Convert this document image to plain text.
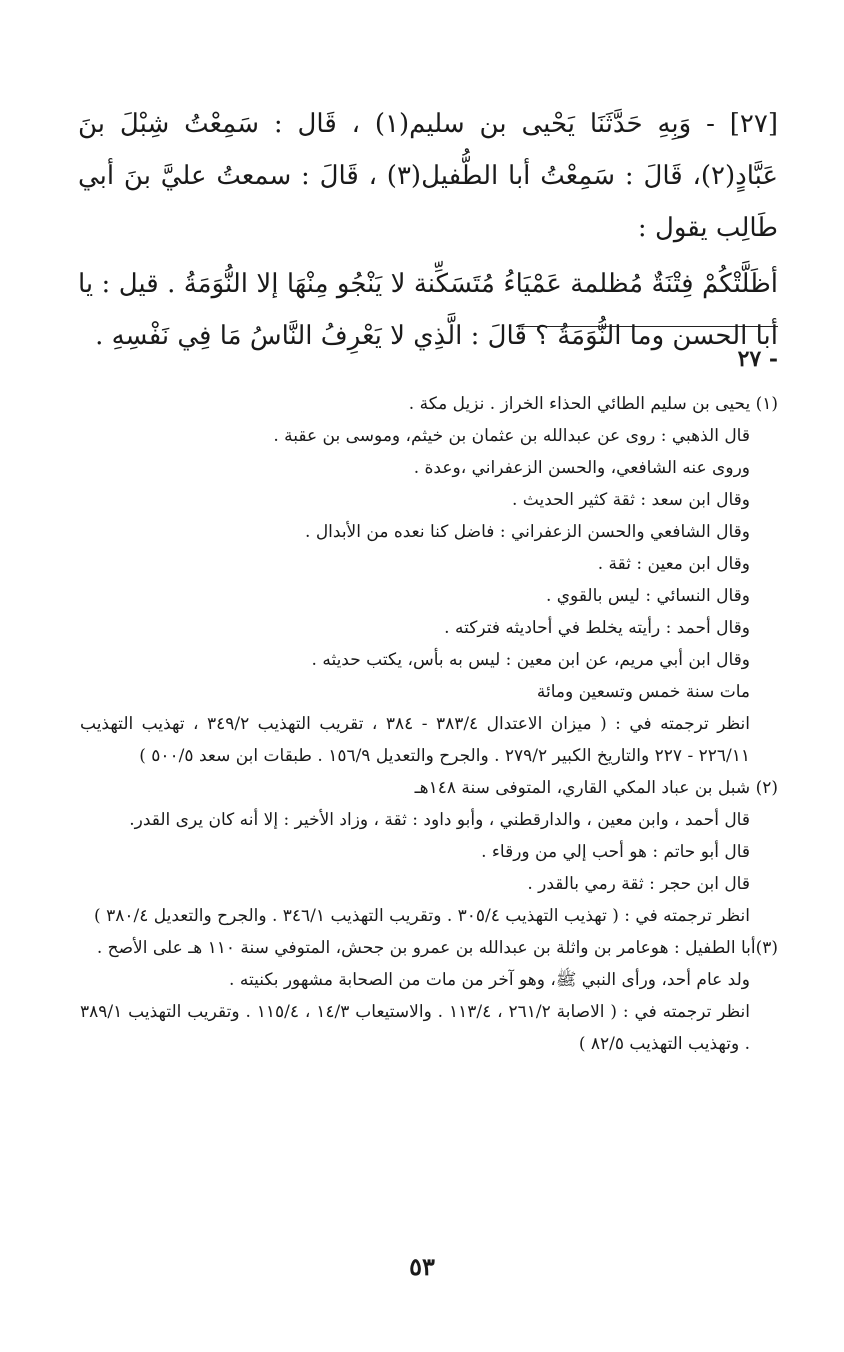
[٢٧] - وَبِهِ حَدَّثَنَا يَحْيى بن سليم(١) ، قَال : سَمِعْتُ شِبْلَ بنَ عَبَّادٍ(٢)، قَالَ : سَمِعْتُ أبا الطُّفيل(٣) ، قَالَ : سمعتُ عليَّ بنَ أبي طَالِب يقول :

أظَلَّتْكُمْ فِتْنَةٌ مُظلمة عَمْيَاءُ مُتَسَكِّنة لا يَنْجُو مِنْهَا إلا النُّوَمَةُ . قيل : يا أبا الحسن وما النُّوَمَةُ ؟ قَالَ : الَّذِي لا يَعْرِفُ النَّاسُ مَا فِي نَفْسِهِ .

- ٢٧
(١) يحيى بن سليم الطائي الحذاء الخراز . نزيل مكة .
قال الذهبي : روى عن عبدالله بن عثمان بن خيثم، وموسى بن عقبة .
وروى عنه الشافعي، والحسن الزعفراني ،وعدة .
وقال ابن سعد : ثقة كثير الحديث .
وقال الشافعي والحسن الزعفراني : فاضل كنا نعده من الأبدال .
وقال ابن معين : ثقة .
وقال النسائي : ليس بالقوي .
وقال أحمد : رأيته يخلط في أحاديثه فتركته .
وقال ابن أبي مريم، عن ابن معين : ليس به بأس، يكتب حديثه .
مات سنة خمس وتسعين ومائة
انظر ترجمته في : ( ميزان الاعتدال ٣٨٣/٤ - ٣٨٤ ، تقريب التهذيب ٣٤٩/٢ ، تهذيب التهذيب ٢٢٦/١١ - ٢٢٧ والتاريخ الكبير ٢٧٩/٢ . والجرح والتعديل ١٥٦/٩ . طبقات ابن سعد ٥٠٠/٥ )
(٢) شبل بن عباد المكي القاري، المتوفى سنة ١٤٨هـ
قال أحمد ، وابن معين ، والدارقطني ، وأبو داود : ثقة ، وزاد الأخير : إلا أنه كان يرى القدر.
قال أبو حاتم : هو أحب إلي من ورقاء .
قال ابن حجر : ثقة رمي بالقدر .
انظر ترجمته في : ( تهذيب التهذيب ٣٠٥/٤ . وتقريب التهذيب ٣٤٦/١ . والجرح والتعديل ٣٨٠/٤ )
(٣)أبا الطفيل : هوعامر بن واثلة بن عبدالله بن عمرو بن جحش، المتوفي سنة ١١٠ هـ على الأصح .
ولد عام أحد، ورأى النبي ﷺ، وهو آخر من مات من الصحابة مشهور بكنيته .
انظر ترجمته في : ( الاصابة ٢٦١/٢ ، ١١٣/٤ . والاستيعاب ١٤/٣ ، ١١٥/٤ . وتقريب التهذيب ٣٨٩/١ . وتهذيب التهذيب ٨٢/٥ )
٥٣
